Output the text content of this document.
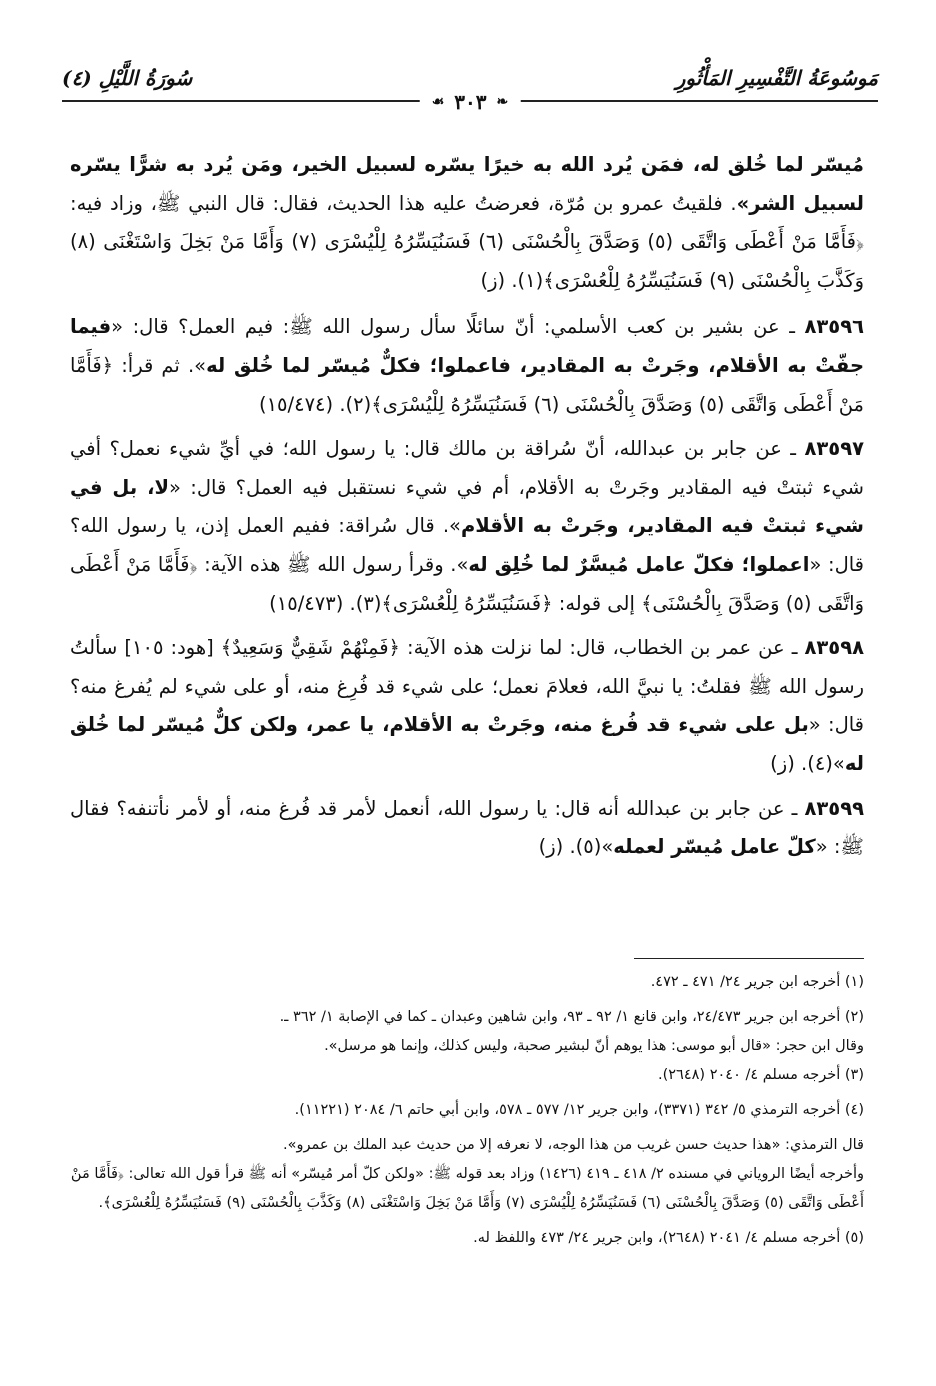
مَوسُوعَةُ التَّفْسِيرِ المَأْثُورِ
سُورَةُ اللَّيْلِ (٤)
❧
٣٠٣
☙

مُيسّر لما خُلق له، فمَن يُرد الله به خيرًا يسّره لسبيل الخير، ومَن يُرد به شرًّا يسّره لسبيل الشر». فلقيتُ عمرو بن مُرّة، فعرضتُ عليه هذا الحديث، فقال: قال النبي ﷺ، وزاد فيه: ﴿فَأَمَّا مَنْ أَعْطَى وَاتَّقَى (٥) وَصَدَّقَ بِالْحُسْنَى (٦) فَسَنُيَسِّرُهُ لِلْيُسْرَى (٧) وَأَمَّا مَنْ بَخِلَ وَاسْتَغْنَى (٨) وَكَذَّبَ بِالْحُسْنَى (٩) فَسَنُيَسِّرُهُ لِلْعُسْرَى﴾(١). (ز)

٨٣٥٩٦ ـ عن بشير بن كعب الأسلمي: أنّ سائلًا سأل رسول الله ﷺ: فيم العمل؟ قال: «فيما جفّتْ به الأقلام، وجَرتْ به المقادير، فاعملوا؛ فكلٌّ مُيسّر لما خُلق له». ثم قرأ: ﴿فَأَمَّا مَنْ أَعْطَى وَاتَّقَى (٥) وَصَدَّقَ بِالْحُسْنَى (٦) فَسَنُيَسِّرُهُ لِلْيُسْرَى﴾(٢). (١٥/٤٧٤)

٨٣٥٩٧ ـ عن جابر بن عبدالله، أنّ سُراقة بن مالك قال: يا رسول الله؛ في أيِّ شيء نعمل؟ أفي شيء ثبتتْ فيه المقادير وجَرتْ به الأقلام، أم في شيء نستقبل فيه العمل؟ قال: «لا، بل في شيء ثبتتْ فيه المقادير، وجَرتْ به الأقلام». قال سُراقة: ففيم العمل إذن، يا رسول الله؟ قال: «اعملوا؛ فكلّ عامل مُيسَّرٌ لما خُلِق له». وقرأ رسول الله ﷺ هذه الآية: ﴿فَأَمَّا مَنْ أَعْطَى وَاتَّقَى (٥) وَصَدَّقَ بِالْحُسْنَى﴾ إلى قوله: ﴿فَسَنُيَسِّرُهُ لِلْعُسْرَى﴾(٣). (١٥/٤٧٣)

٨٣٥٩٨ ـ عن عمر بن الخطاب، قال: لما نزلت هذه الآية: ﴿فَمِنْهُمْ شَقِيٌّ وَسَعِيدٌ﴾ [هود: ١٠٥] سألتُ رسول الله ﷺ فقلتُ: يا نبيَّ الله، فعلامَ نعمل؛ على شيء قد فُرِغ منه، أو على شيء لم يُفرغ منه؟ قال: «بل على شيء قد فُرغ منه، وجَرتْ به الأقلام، يا عمر، ولكن كلٌّ مُيسّر لما خُلق له»(٤). (ز)

٨٣٥٩٩ ـ عن جابر بن عبدالله أنه قال: يا رسول الله، أنعمل لأمر قد فُرغ منه، أو لأمر نأتنفه؟ فقال ﷺ: «كلّ عامل مُيسّر لعمله»(٥). (ز)

(١) أخرجه ابن جرير ٢٤/ ٤٧١ ـ ٤٧٢.

(٢) أخرجه ابن جرير ٢٤/٤٧٣، وابن قانع ١/ ٩٢ ـ ٩٣، وابن شاهين وعبدان ـ كما في الإصابة ١/ ٣٦٢ ـ.

وقال ابن حجر: «قال أبو موسى: هذا يوهم أنّ لبشير صحبة، وليس كذلك، وإنما هو مرسل».

(٣) أخرجه مسلم ٤/ ٢٠٤٠ (٢٦٤٨).

(٤) أخرجه الترمذي ٥/ ٣٤٢ (٣٣٧١)، وابن جرير ١٢/ ٥٧٧ ـ ٥٧٨، وابن أبي حاتم ٦/ ٢٠٨٤ (١١٢٢١).

قال الترمذي: «هذا حديث حسن غريب من هذا الوجه، لا نعرفه إلا من حديث عبد الملك بن عمرو».

وأخرجه أيضًا الروياني في مسنده ٢/ ٤١٨ ـ ٤١٩ (١٤٢٦) وزاد بعد قوله ﷺ: «ولكن كلّ أمر مُيسّر» أنه ﷺ قرأ قول الله تعالى: ﴿فَأَمَّا مَنْ أَعْطَى وَاتَّقَى (٥) وَصَدَّقَ بِالْحُسْنَى (٦) فَسَنُيَسِّرُهُ لِلْيُسْرَى (٧) وَأَمَّا مَنْ بَخِلَ وَاسْتَغْنَى (٨) وَكَذَّبَ بِالْحُسْنَى (٩) فَسَنُيَسِّرُهُ لِلْعُسْرَى﴾.

(٥) أخرجه مسلم ٤/ ٢٠٤١ (٢٦٤٨)، وابن جرير ٢٤/ ٤٧٣ واللفظ له.
